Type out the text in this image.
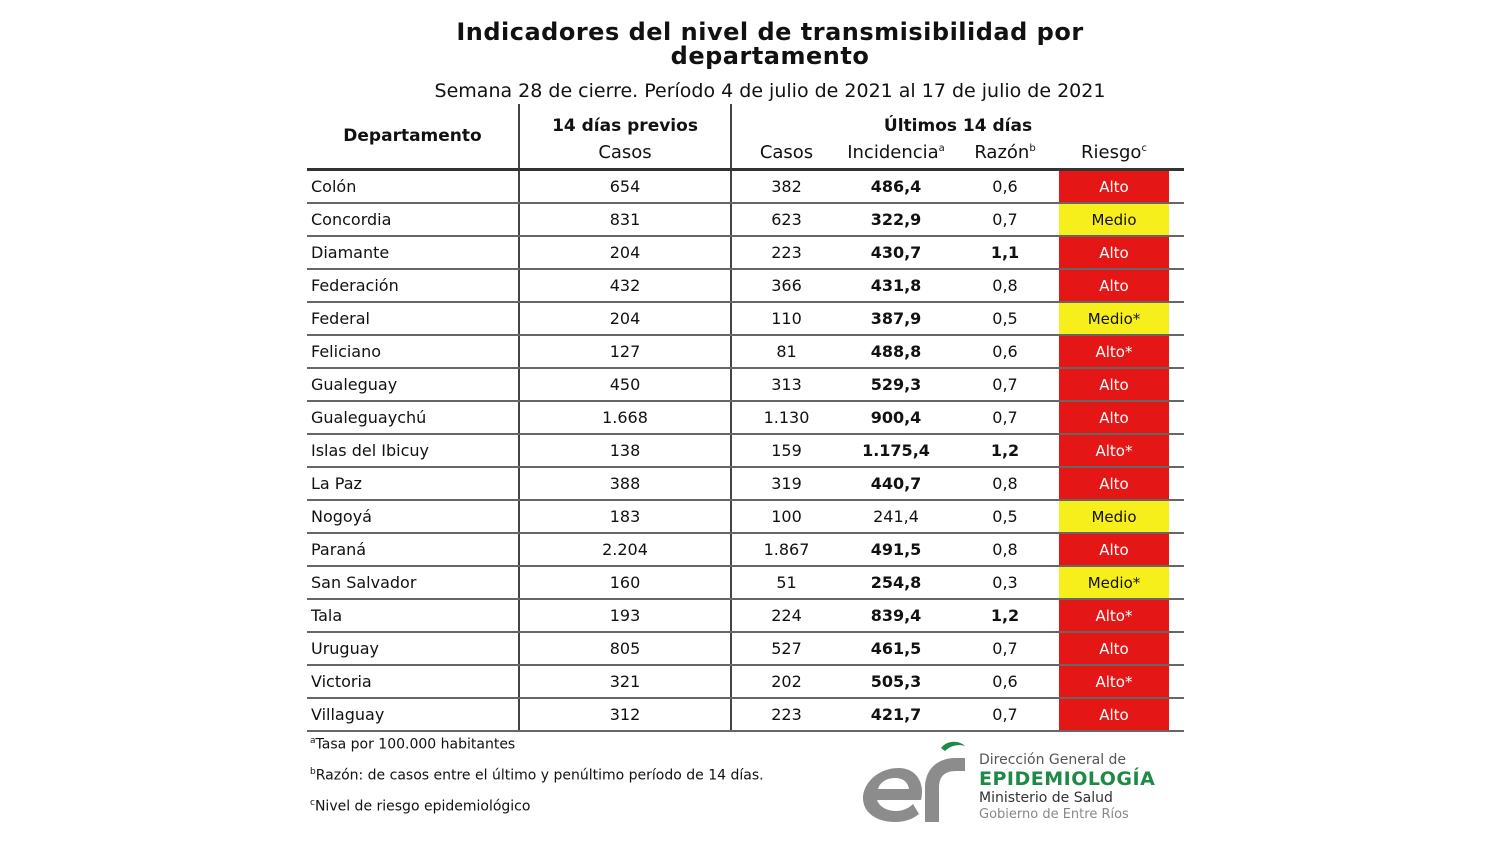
Indicadores del nivel de transmisibilidad por
departamento
Semana 28 de cierre. Período 4 de julio de 2021 al 17 de julio de 2021
Departamento	14 días previos	Últimos 14 días				
	Casos	Casos	Incidencia$^a$	Razón$^b$	Riesgo$^c$	
Colón	654	382	486,4	0,6	Alto	
Concordia	831	623	322,9	0,7	Medio	
Diamante	204	223	430,7	1,1	Alto	
Federación	432	366	431,8	0,8	Alto	
Federal	204	110	387,9	0,5	Medio*	
Feliciano	127	81	488,8	0,6	Alto*	
Gualeguay	450	313	529,3	0,7	Alto	
Gualeguaychú	1.668	1.130	900,4	0,7	Alto	
Islas del Ibicuy	138	159	1.175,4	1,2	Alto*	
La Paz	388	319	440,7	0,8	Alto	
Nogoyá	183	100	241,4	0,5	Medio	
Paraná	2.204	1.867	491,5	0,8	Alto	
San Salvador	160	51	254,8	0,3	Medio*	
Tala	193	224	839,4	1,2	Alto*	
Uruguay	805	527	461,5	0,7	Alto	
Victoria	321	202	505,3	0,6	Alto*	
Villaguay	312	223	421,7	0,7	Alto	
$^a$Tasa por 100.000 habitantes
$^b$Razón: de casos entre el último y penúltimo período de 14 días.
$^c$Nivel de riesgo epidemiológico
Dirección General de
EPIDEMIOLOGÍA
Ministerio de Salud
Gobierno de Entre Ríos
